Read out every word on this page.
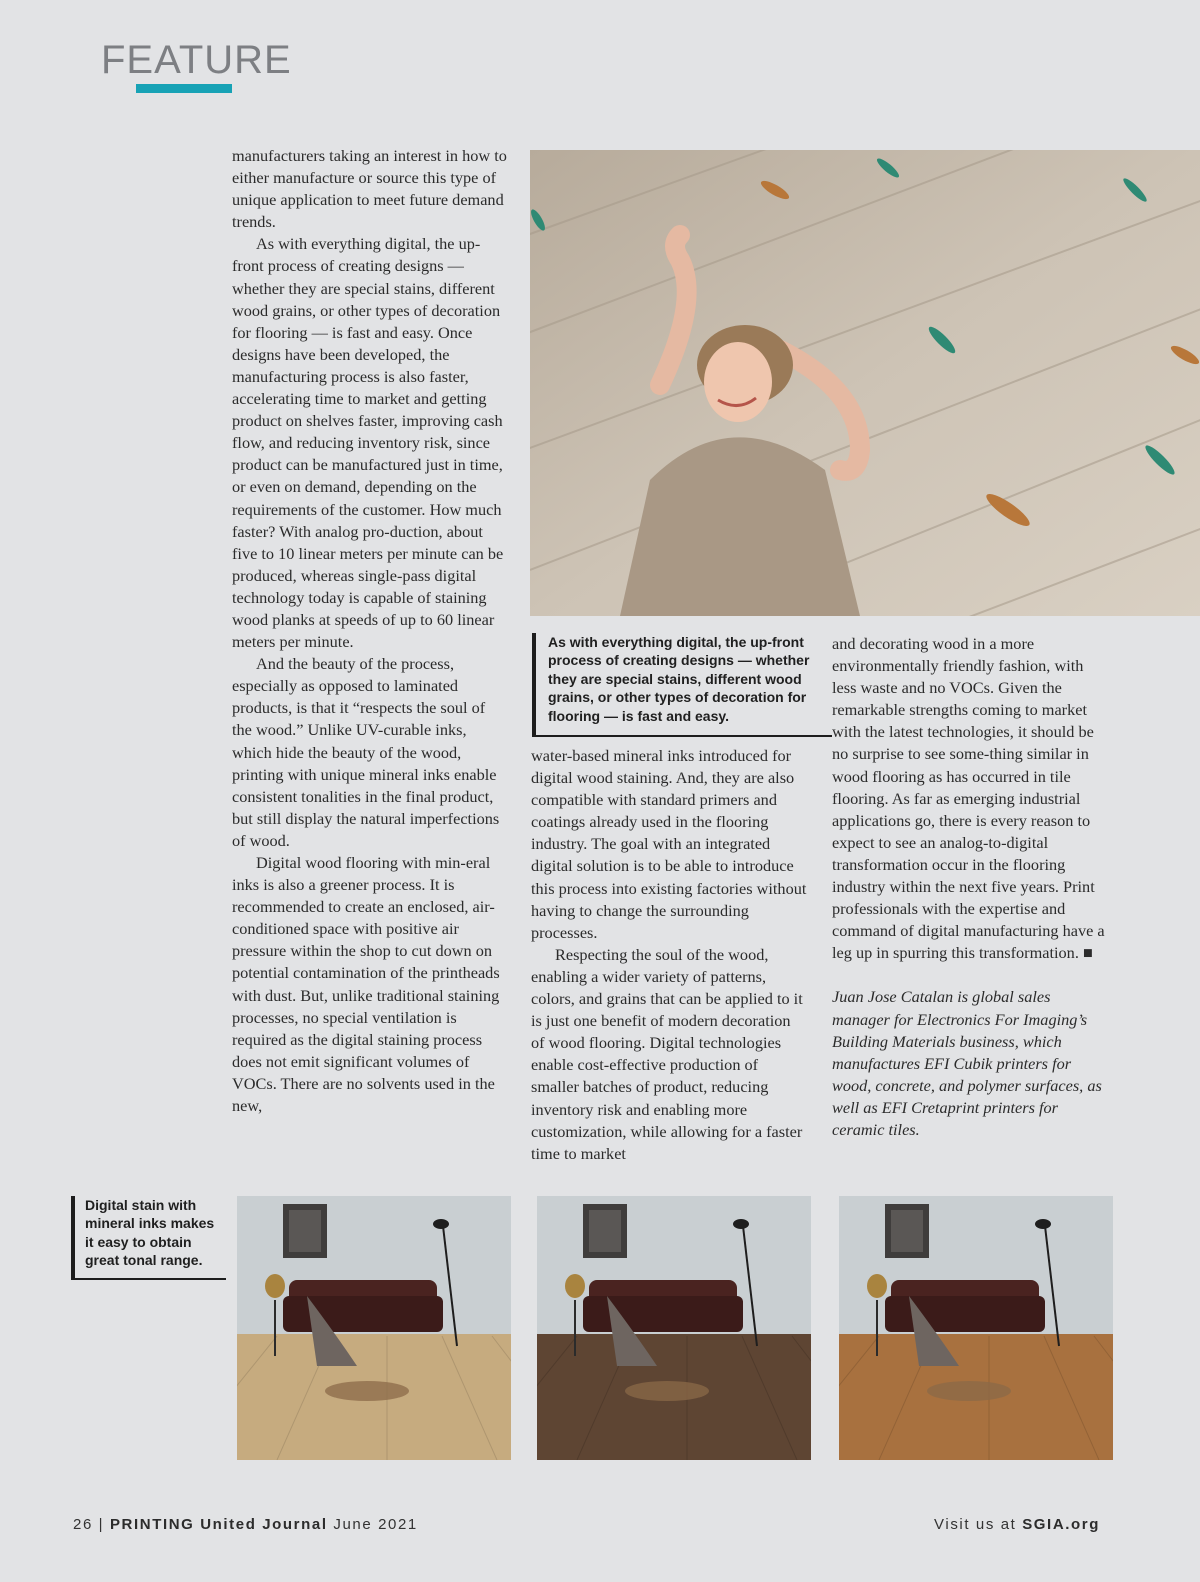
FEATURE

manufacturers taking an interest in how to either manufacture or source this type of unique application to meet future demand trends.

As with everything digital, the up-front process of creating designs — whether they are special stains, different wood grains, or other types of decoration for flooring — is fast and easy. Once designs have been developed, the manufacturing process is also faster, accelerating time to market and getting product on shelves faster, improving cash flow, and reducing inventory risk, since product can be manufactured just in time, or even on demand, depending on the requirements of the customer. How much faster? With analog pro-duction, about five to 10 linear meters per minute can be produced, whereas single-pass digital technology today is capable of staining wood planks at speeds of up to 60 linear meters per minute.

And the beauty of the process, especially as opposed to laminated products, is that it “respects the soul of the wood.” Unlike UV-curable inks, which hide the beauty of the wood, printing with unique mineral inks enable consistent tonalities in the final product, but still display the natural imperfections of wood.

Digital wood flooring with min-eral inks is also a greener process. It is recommended to create an enclosed, air-conditioned space with positive air pressure within the shop to cut down on potential contamination of the printheads with dust. But, unlike traditional staining processes, no special ventilation is required as the digital staining process does not emit significant volumes of VOCs. There are no solvents used in the new,

As with everything digital, the up-front process of creating designs — whether they are special stains, different wood grains, or other types of decoration for flooring — is fast and easy.

water-based mineral inks introduced for digital wood staining. And, they are also compatible with standard primers and coatings already used in the flooring industry. The goal with an integrated digital solution is to be able to introduce this process into existing factories without having to change the surrounding processes.

Respecting the soul of the wood, enabling a wider variety of patterns, colors, and grains that can be applied to it is just one benefit of modern decoration of wood flooring. Digital technologies enable cost-effective production of smaller batches of product, reducing inventory risk and enabling more customization, while allowing for a faster time to market

and decorating wood in a more environmentally friendly fashion, with less waste and no VOCs. Given the remarkable strengths coming to market with the latest technologies, it should be no surprise to see some-thing similar in wood flooring as has occurred in tile flooring. As far as emerging industrial applications go, there is every reason to expect to see an analog-to-digital transformation occur in the flooring industry within the next five years. Print professionals with the expertise and command of digital manufacturing have a leg up in spurring this transformation. ■

Juan Jose Catalan is global sales manager for Electronics For Imaging’s Building Materials business, which manufactures EFI Cubik printers for wood, concrete, and polymer surfaces, as well as EFI Cretaprint printers for ceramic tiles.

Digital stain with mineral inks makes it easy to obtain great tonal range.
26 | PRINTING United Journal June 2021	Visit us at SGIA.org
